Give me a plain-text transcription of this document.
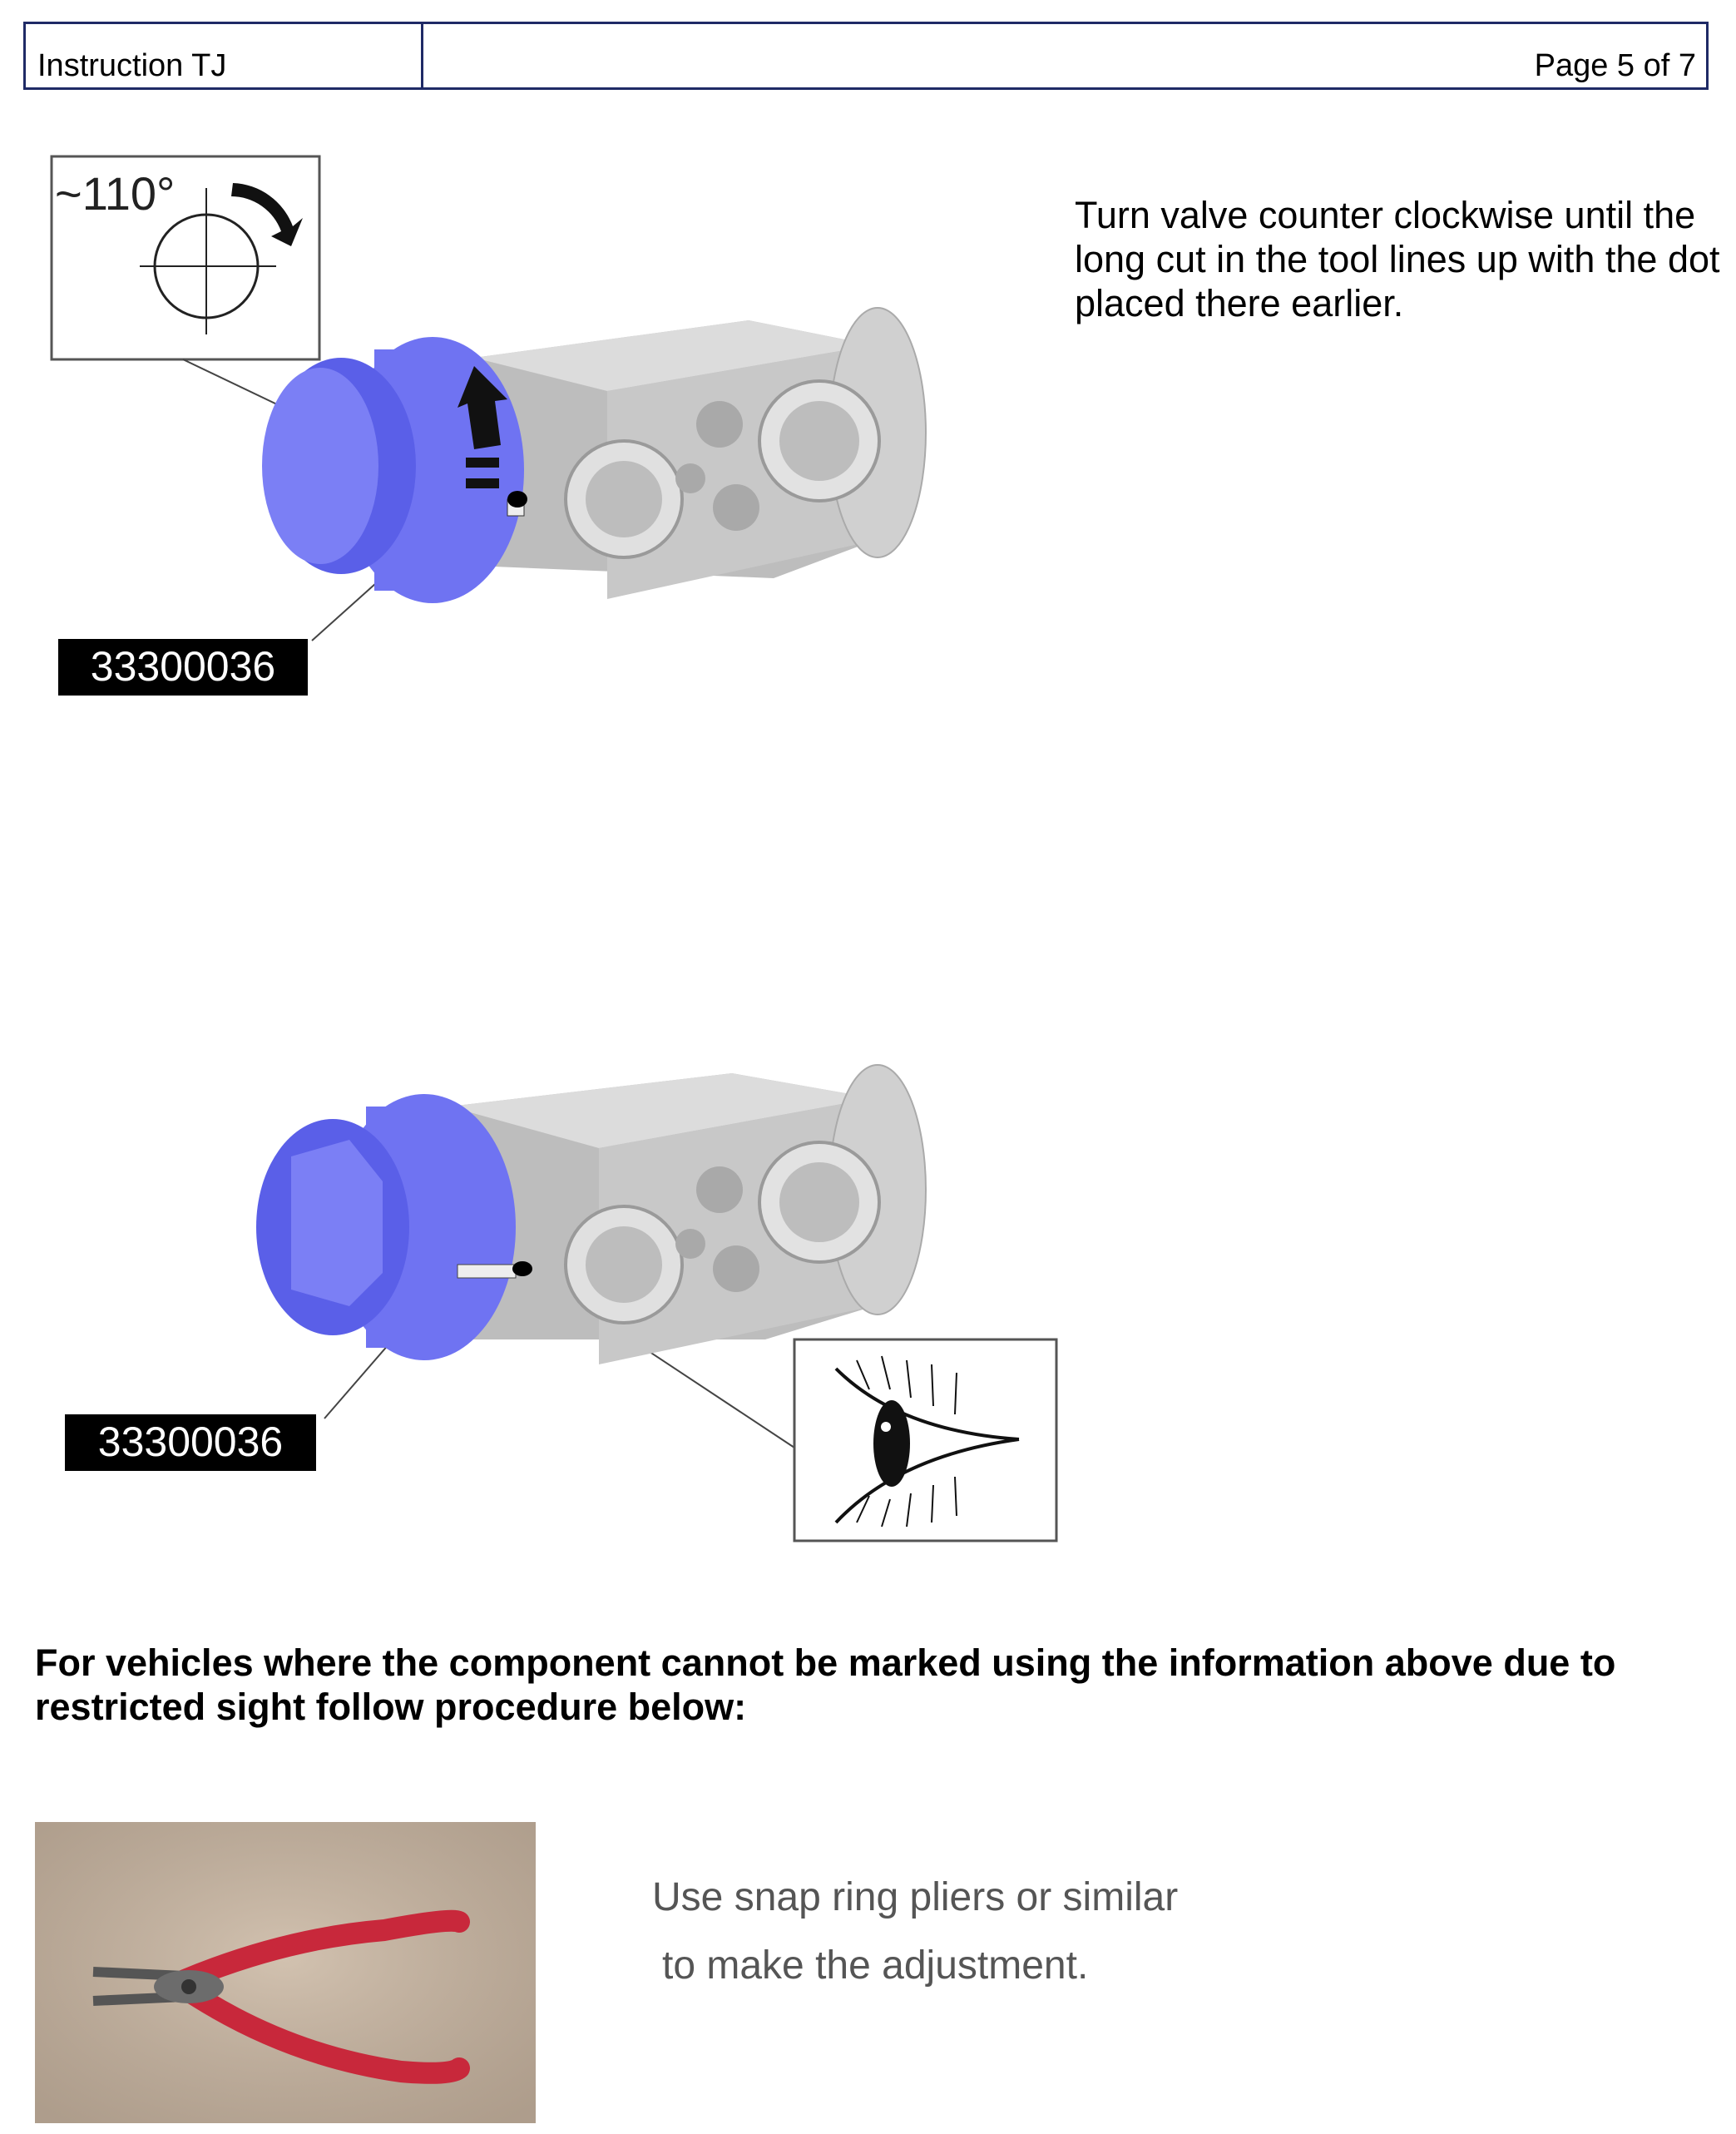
Instruction TJ	Page 5 of 7
~110°
33300036
Turn valve counter clockwise until the long cut in the tool lines up with the dot placed there earlier.
33300036
For vehicles where the component cannot be marked using the information above due to restricted sight follow procedure below:
Use snap ring pliers or similar
to make the adjustment.
